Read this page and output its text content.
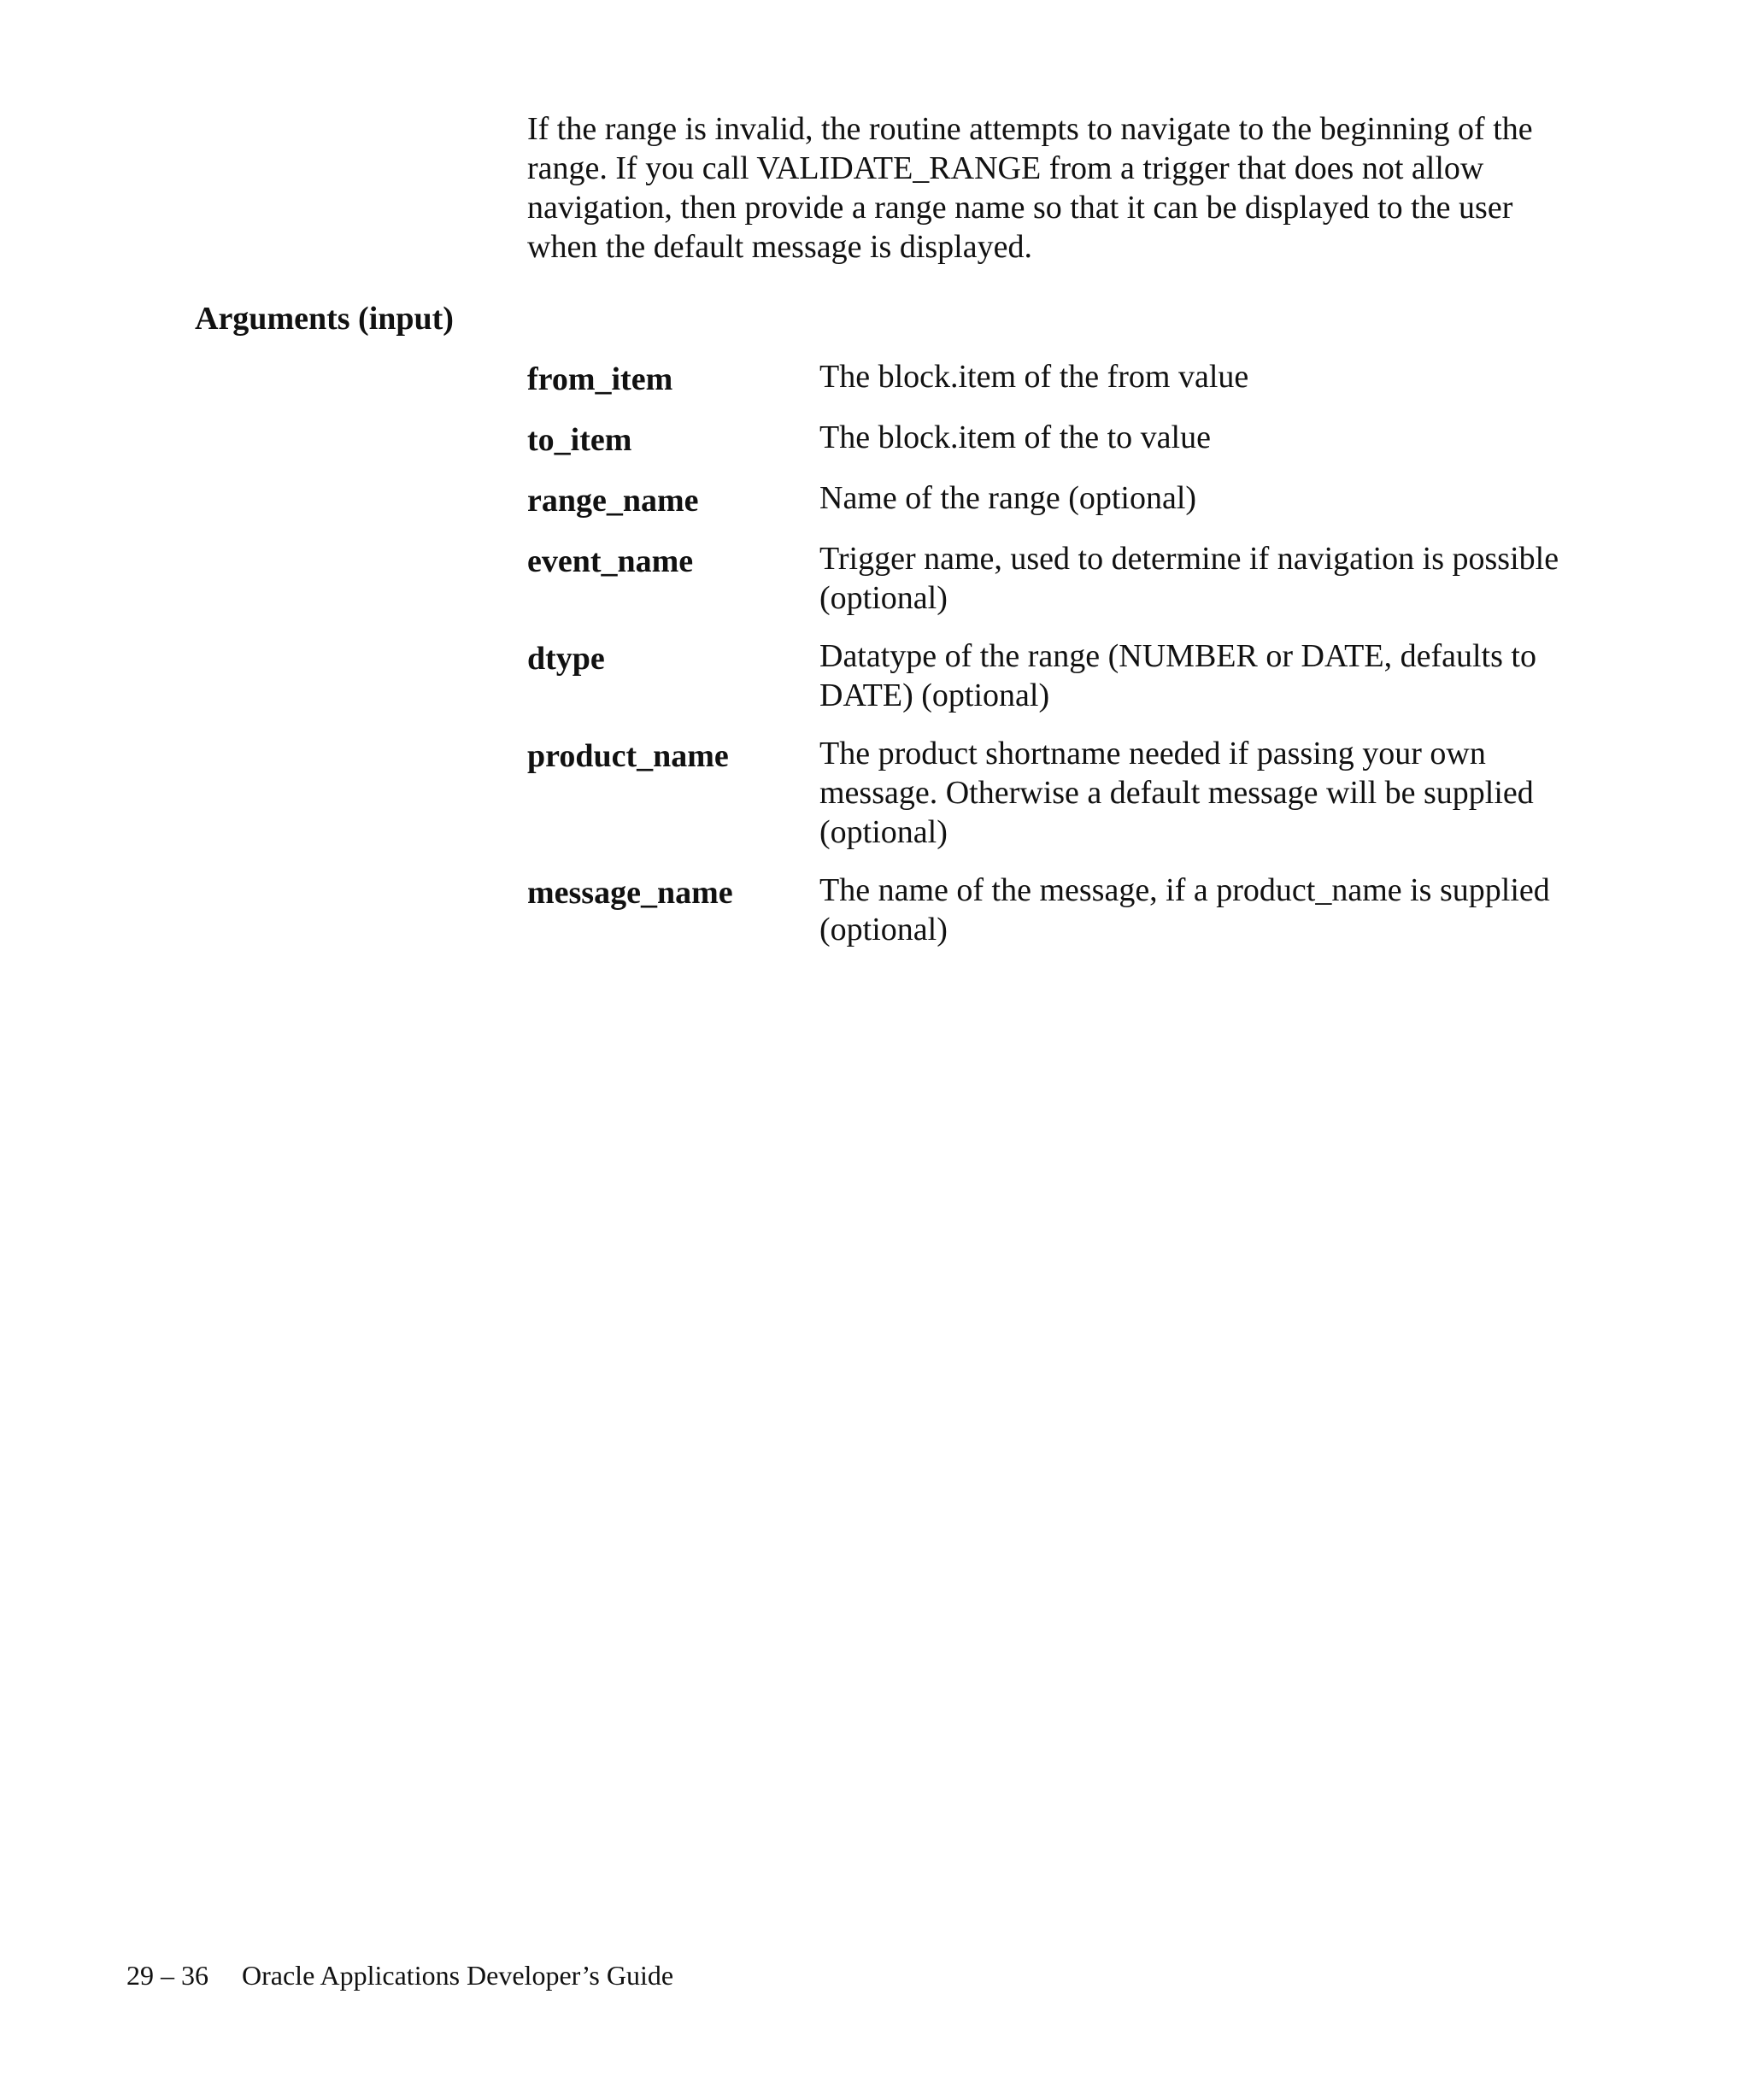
If the range is invalid, the routine attempts to navigate to the beginning of the range. If you call VALIDATE_RANGE from a trigger that does not allow navigation, then provide a range name so that it can be displayed to the user when the default message is displayed.

Arguments (input)
from_item	The block.item of the from value
to_item	The block.item of the to value
range_name	Name of the range (optional)
event_name	Trigger name, used to determine if navigation is possible (optional)
dtype	Datatype of the range (NUMBER or DATE, defaults to DATE) (optional)
product_name	The product shortname needed if passing your own message. Otherwise a default message will be supplied (optional)
message_name	The name of the message, if a product_name is supplied (optional)
29 – 36	Oracle Applications Developer’s Guide
